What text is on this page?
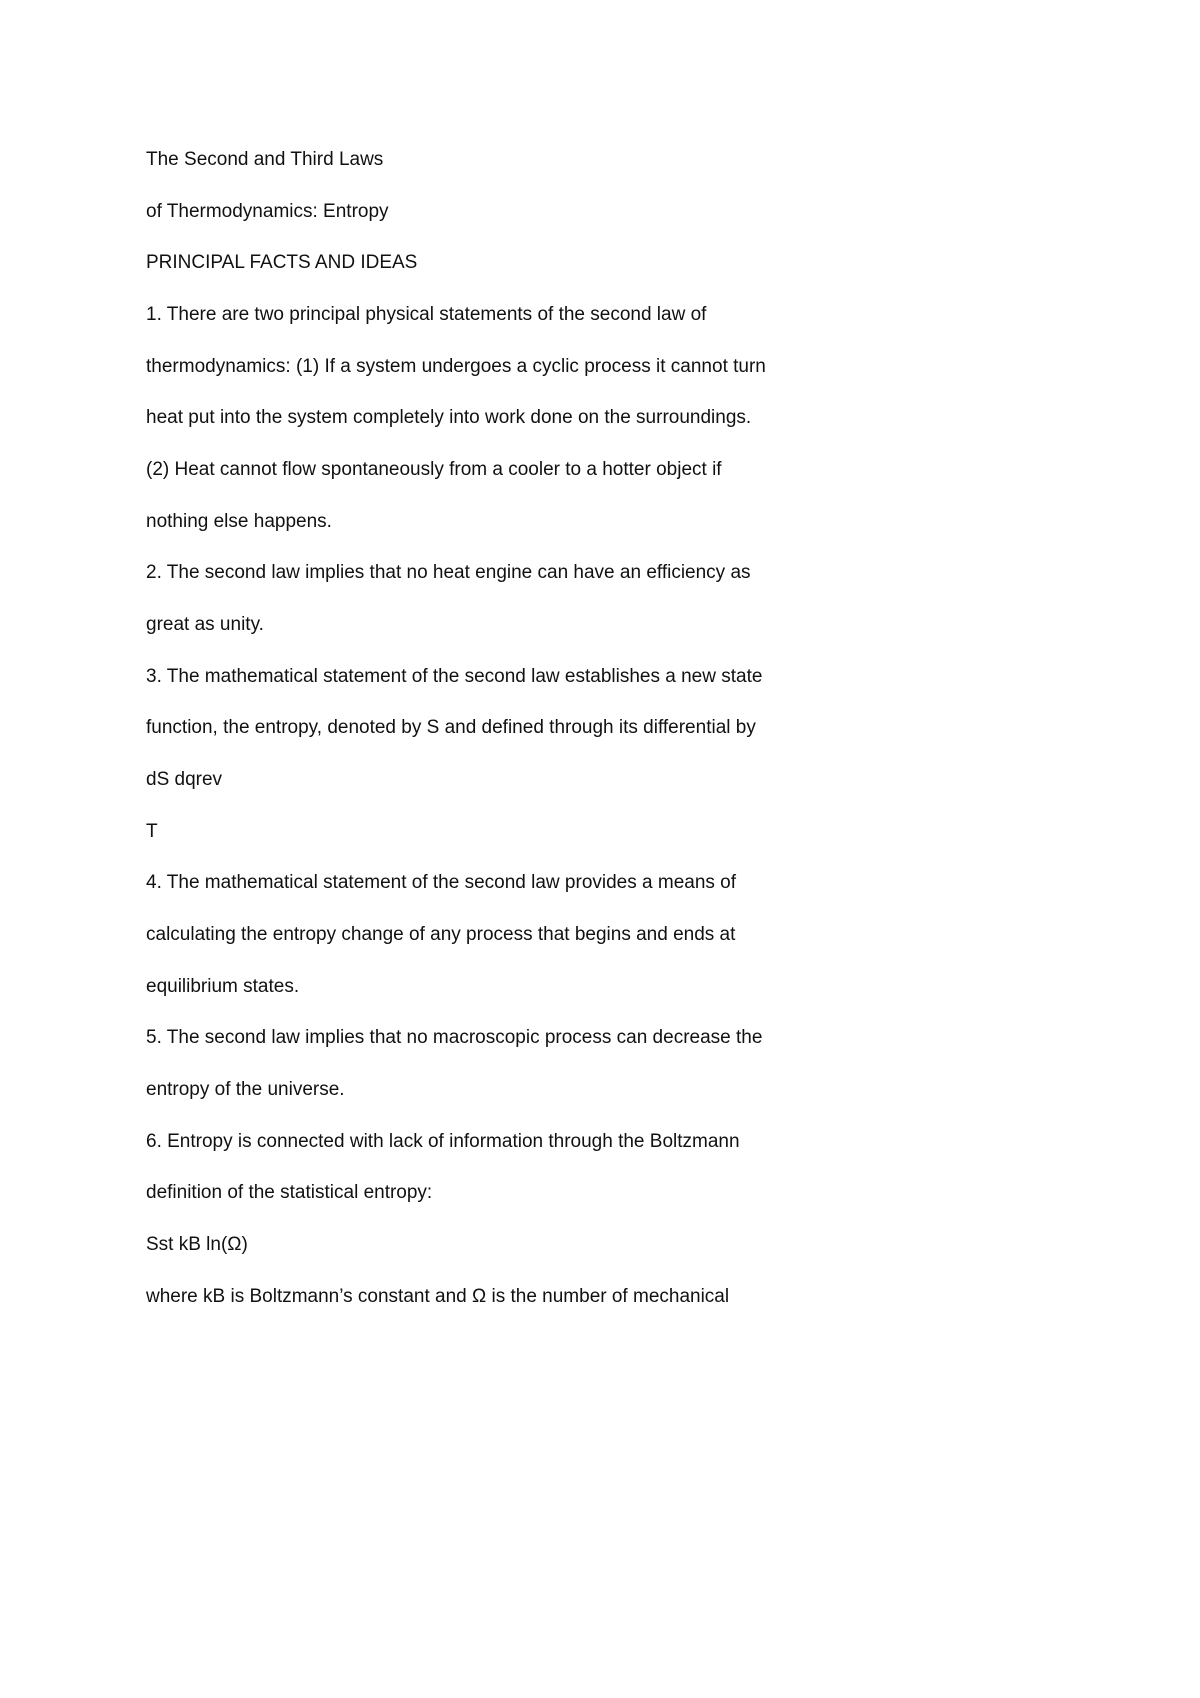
The Second and Third Laws

of Thermodynamics: Entropy

PRINCIPAL FACTS AND IDEAS

1. There are two principal physical statements of the second law of

thermodynamics: (1) If a system undergoes a cyclic process it cannot turn

heat put into the system completely into work done on the surroundings.

(2) Heat cannot flow spontaneously from a cooler to a hotter object if

nothing else happens.

2. The second law implies that no heat engine can have an efficiency as

great as unity.

3. The mathematical statement of the second law establishes a new state

function, the entropy, denoted by S and defined through its differential by

dS dqrev

T

4. The mathematical statement of the second law provides a means of

calculating the entropy change of any process that begins and ends at

equilibrium states.

5. The second law implies that no macroscopic process can decrease the

entropy of the universe.

6. Entropy is connected with lack of information through the Boltzmann

definition of the statistical entropy:

Sst kB ln(Ω)

where kB is Boltzmann’s constant and Ω is the number of mechanical
